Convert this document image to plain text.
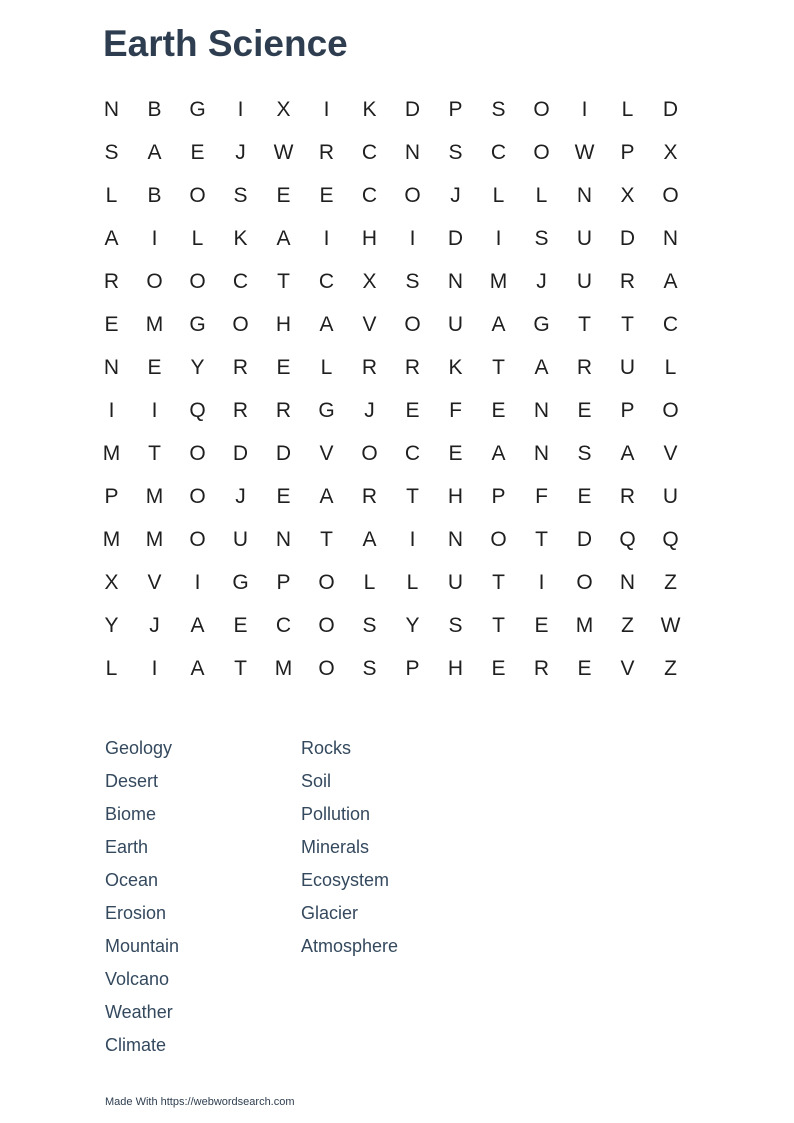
Earth Science
N	B	G	I	X	I	K	D	P	S	O	I	L	D
S	A	E	J	W	R	C	N	S	C	O	W	P	X
L	B	O	S	E	E	C	O	J	L	L	N	X	O
A	I	L	K	A	I	H	I	D	I	S	U	D	N
R	O	O	C	T	C	X	S	N	M	J	U	R	A
E	M	G	O	H	A	V	O	U	A	G	T	T	C
N	E	Y	R	E	L	R	R	K	T	A	R	U	L
I	I	Q	R	R	G	J	E	F	E	N	E	P	O
M	T	O	D	D	V	O	C	E	A	N	S	A	V
P	M	O	J	E	A	R	T	H	P	F	E	R	U
M	M	O	U	N	T	A	I	N	O	T	D	Q	Q
X	V	I	G	P	O	L	L	U	T	I	O	N	Z
Y	J	A	E	C	O	S	Y	S	T	E	M	Z	W
L	I	A	T	M	O	S	P	H	E	R	E	V	Z
Geology
Desert
Biome
Earth
Ocean
Erosion
Mountain
Volcano
Weather
Climate
Rocks
Soil
Pollution
Minerals
Ecosystem
Glacier
Atmosphere
Made With https://webwordsearch.com
